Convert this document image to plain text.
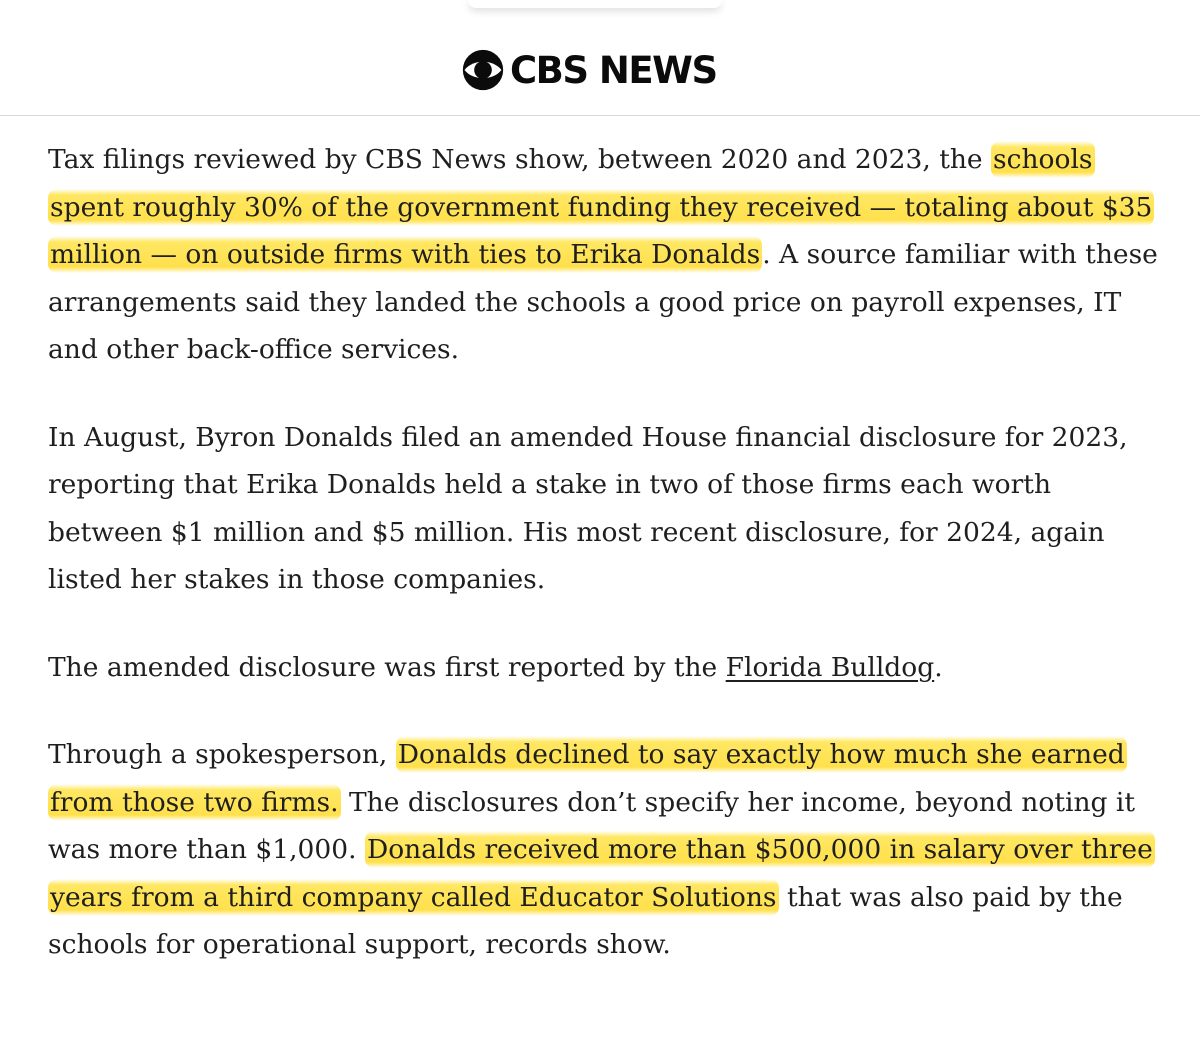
CBS NEWS

Tax filings reviewed by CBS News show, between 2020 and 2023, the schools spent roughly 30% of the government funding they received — totaling about $35 million — on outside firms with ties to Erika Donalds. A source familiar with these arrangements said they landed the schools a good price on payroll expenses, IT and other back-office services.

In August, Byron Donalds filed an amended House financial disclosure for 2023, reporting that Erika Donalds held a stake in two of those firms each worth between $1 million and $5 million. His most recent disclosure, for 2024, again listed her stakes in those companies.

The amended disclosure was first reported by the Florida Bulldog.

Through a spokesperson, Donalds declined to say exactly how much she earned from those two firms. The disclosures don’t specify her income, beyond noting it was more than $1,000. Donalds received more than $500,000 in salary over three years from a third company called Educator Solutions that was also paid by the schools for operational support, records show.
